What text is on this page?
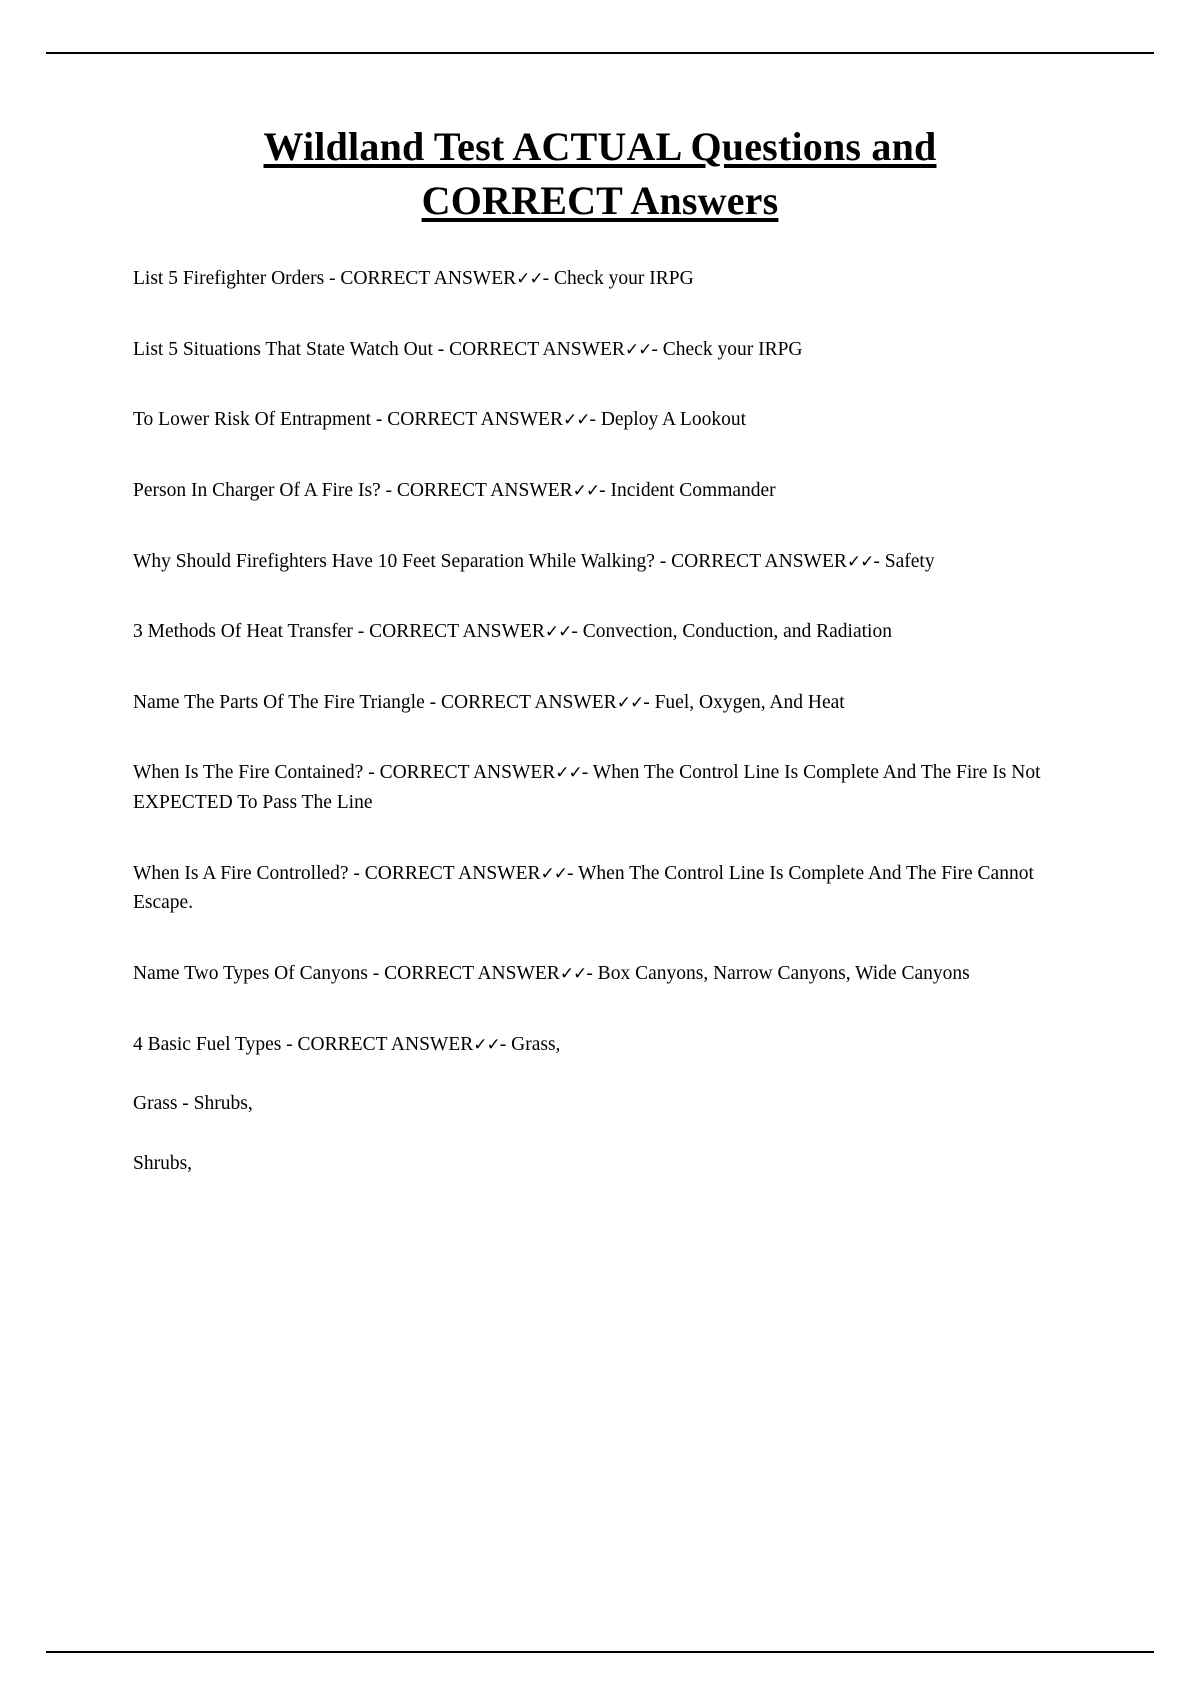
Wildland Test ACTUAL Questions and
CORRECT Answers

List 5 Firefighter Orders - CORRECT ANSWER✓✓- Check your IRPG

List 5 Situations That State Watch Out - CORRECT ANSWER✓✓- Check your IRPG

To Lower Risk Of Entrapment - CORRECT ANSWER✓✓- Deploy A Lookout

Person In Charger Of A Fire Is? - CORRECT ANSWER✓✓- Incident Commander

Why Should Firefighters Have 10 Feet Separation While Walking? - CORRECT ANSWER✓✓- Safety

3 Methods Of Heat Transfer - CORRECT ANSWER✓✓- Convection, Conduction, and Radiation

Name The Parts Of The Fire Triangle - CORRECT ANSWER✓✓- Fuel, Oxygen, And Heat

When Is The Fire Contained? - CORRECT ANSWER✓✓- When The Control Line Is Complete And The Fire Is Not EXPECTED To Pass The Line

When Is A Fire Controlled? - CORRECT ANSWER✓✓- When The Control Line Is Complete And The Fire Cannot Escape.

Name Two Types Of Canyons - CORRECT ANSWER✓✓- Box Canyons, Narrow Canyons, Wide Canyons

4 Basic Fuel Types - CORRECT ANSWER✓✓- Grass,

Grass - Shrubs,

Shrubs,
